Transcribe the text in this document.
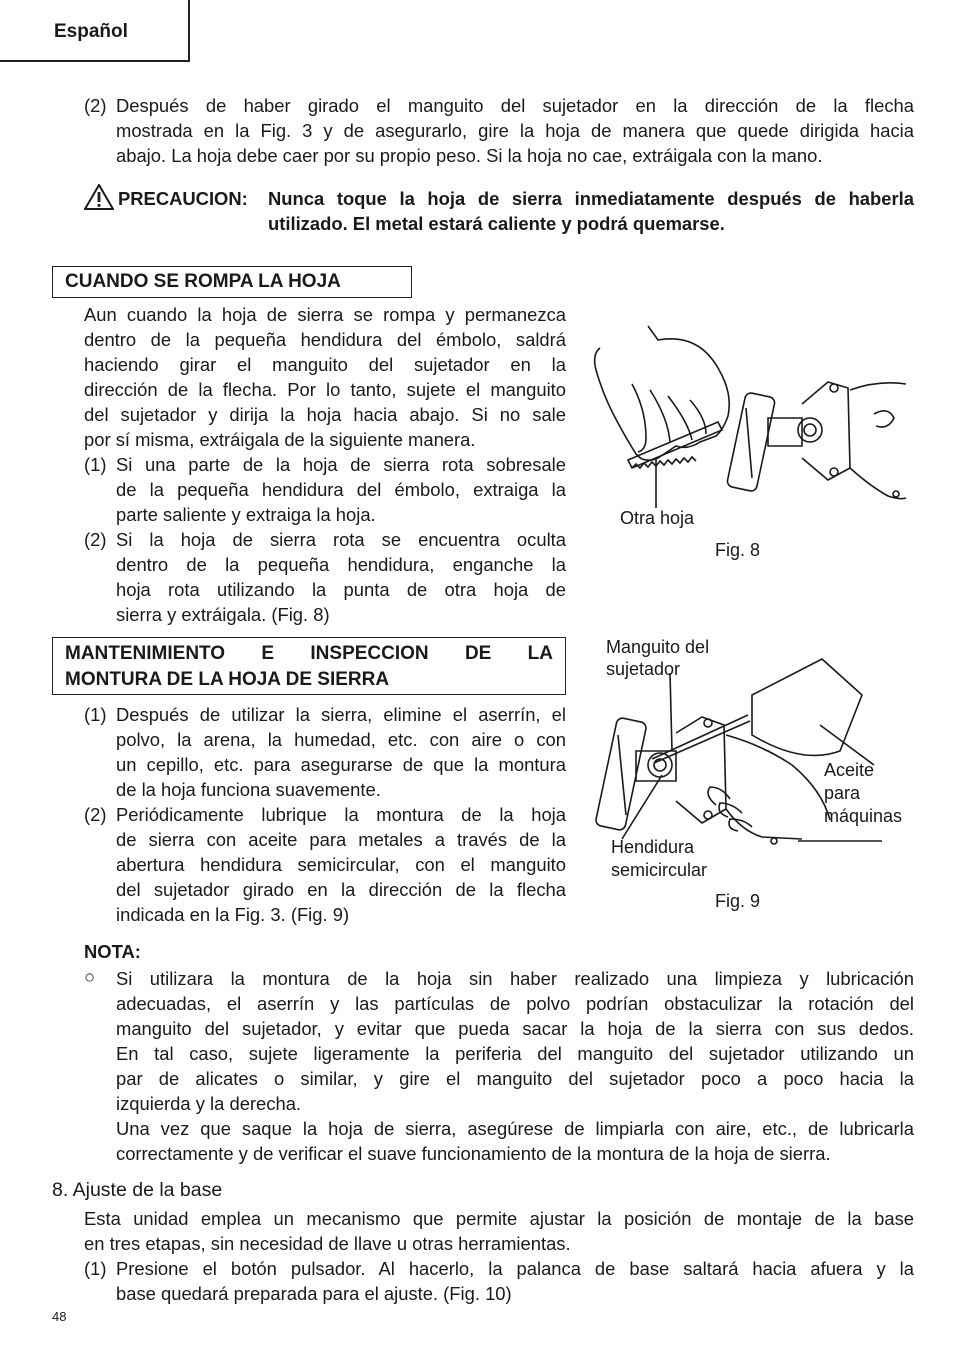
Español
(2) Después de haber girado el manguito del sujetador en la dirección de la flecha
mostrada en la Fig. 3 y de asegurarlo, gire la hoja de manera que quede dirigida hacia
abajo. La hoja debe caer por su propio peso. Si la hoja no cae, extráigala con la mano.
PRECAUCION: Nunca toque la hoja de sierra inmediatamente después de haberla
utilizado. El metal estará caliente y podrá quemarse.
CUANDO SE ROMPA LA HOJA
Aun cuando la hoja de sierra se rompa y permanezca
dentro de la pequeña hendidura del émbolo, saldrá
haciendo girar el manguito del sujetador en la
dirección de la flecha. Por lo tanto, sujete el manguito
del sujetador y dirija la hoja hacia abajo. Si no sale
por sí misma, extráigala de la siguiente manera.
(1) Si una parte de la hoja de sierra rota sobresale
de la pequeña hendidura del émbolo, extraiga la
parte saliente y extraiga la hoja.
(2) Si la hoja de sierra rota se encuentra oculta
dentro de la pequeña hendidura, enganche la
hoja rota utilizando la punta de otra hoja de
sierra y extráigala. (Fig. 8)
Otra hoja
Fig. 8
MANTENIMIENTO E INSPECCION DE LA
MONTURA DE LA HOJA DE SIERRA
(1) Después de utilizar la sierra, elimine el aserrín, el
polvo, la arena, la humedad, etc. con aire o con
un cepillo, etc. para asegurarse de que la montura
de la hoja funciona suavemente.
(2) Periódicamente lubrique la montura de la hoja
de sierra con aceite para metales a través de la
abertura hendidura semicircular, con el manguito
del sujetador girado en la dirección de la flecha
indicada en la Fig. 3. (Fig. 9)
Manguito del
sujetador
Aceite
para
máquinas
Hendidura
semicircular
Fig. 9
NOTA:
○ Si utilizara la montura de la hoja sin haber realizado una limpieza y lubricación
adecuadas, el aserrín y las partículas de polvo podrían obstaculizar la rotación del
manguito del sujetador, y evitar que pueda sacar la hoja de la sierra con sus dedos.
En tal caso, sujete ligeramente la periferia del manguito del sujetador utilizando un
par de alicates o similar, y gire el manguito del sujetador poco a poco hacia la
izquierda y la derecha.
Una vez que saque la hoja de sierra, asegúrese de limpiarla con aire, etc., de lubricarla
correctamente y de verificar el suave funcionamiento de la montura de la hoja de sierra.
8. Ajuste de la base
Esta unidad emplea un mecanismo que permite ajustar la posición de montaje de la base
en tres etapas, sin necesidad de llave u otras herramientas.
(1) Presione el botón pulsador. Al hacerlo, la palanca de base saltará hacia afuera y la
base quedará preparada para el ajuste. (Fig. 10)
48
